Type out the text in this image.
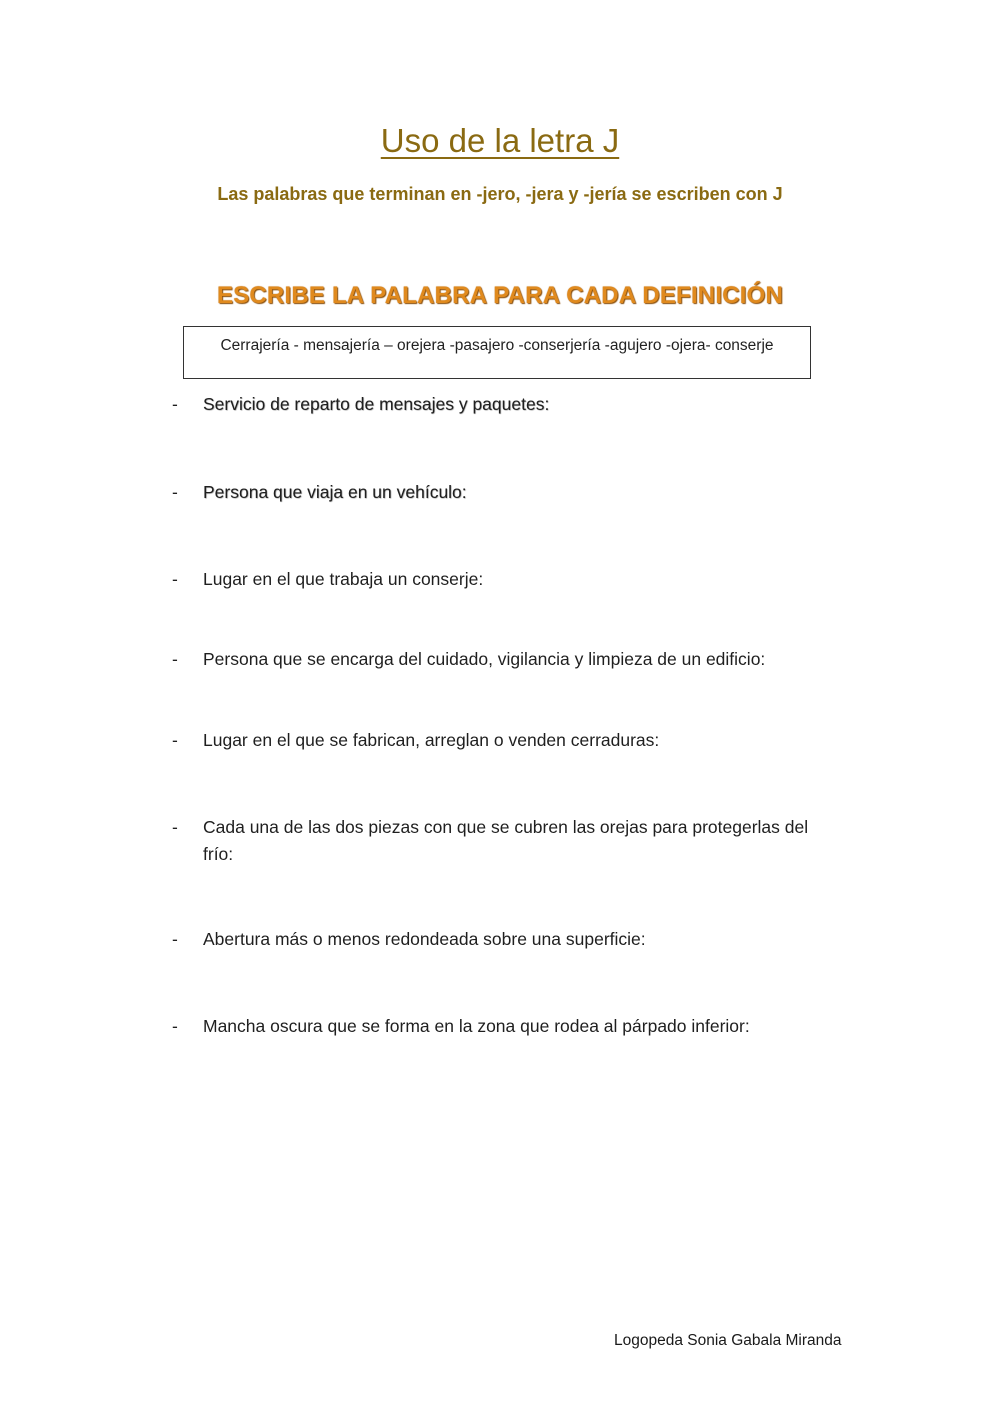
Uso de la letra J
Las palabras que terminan en -jero, -jera y -jería se escriben con J
ESCRIBE LA PALABRA PARA CADA DEFINICIÓN
Cerrajería - mensajería – orejera -pasajero -conserjería -agujero -ojera- conserje
- Servicio de reparto de mensajes y paquetes:
- Persona que viaja en un vehículo:
- Lugar en el que trabaja un conserje:
- Persona que se encarga del cuidado, vigilancia y limpieza de un edificio:
- Lugar en el que se fabrican, arreglan o venden cerraduras:
- Cada una de las dos piezas con que se cubren las orejas para protegerlas del frío:
- Abertura más o menos redondeada sobre una superficie:
- Mancha oscura que se forma en la zona que rodea al párpado inferior:
Logopeda Sonia Gabala Miranda
